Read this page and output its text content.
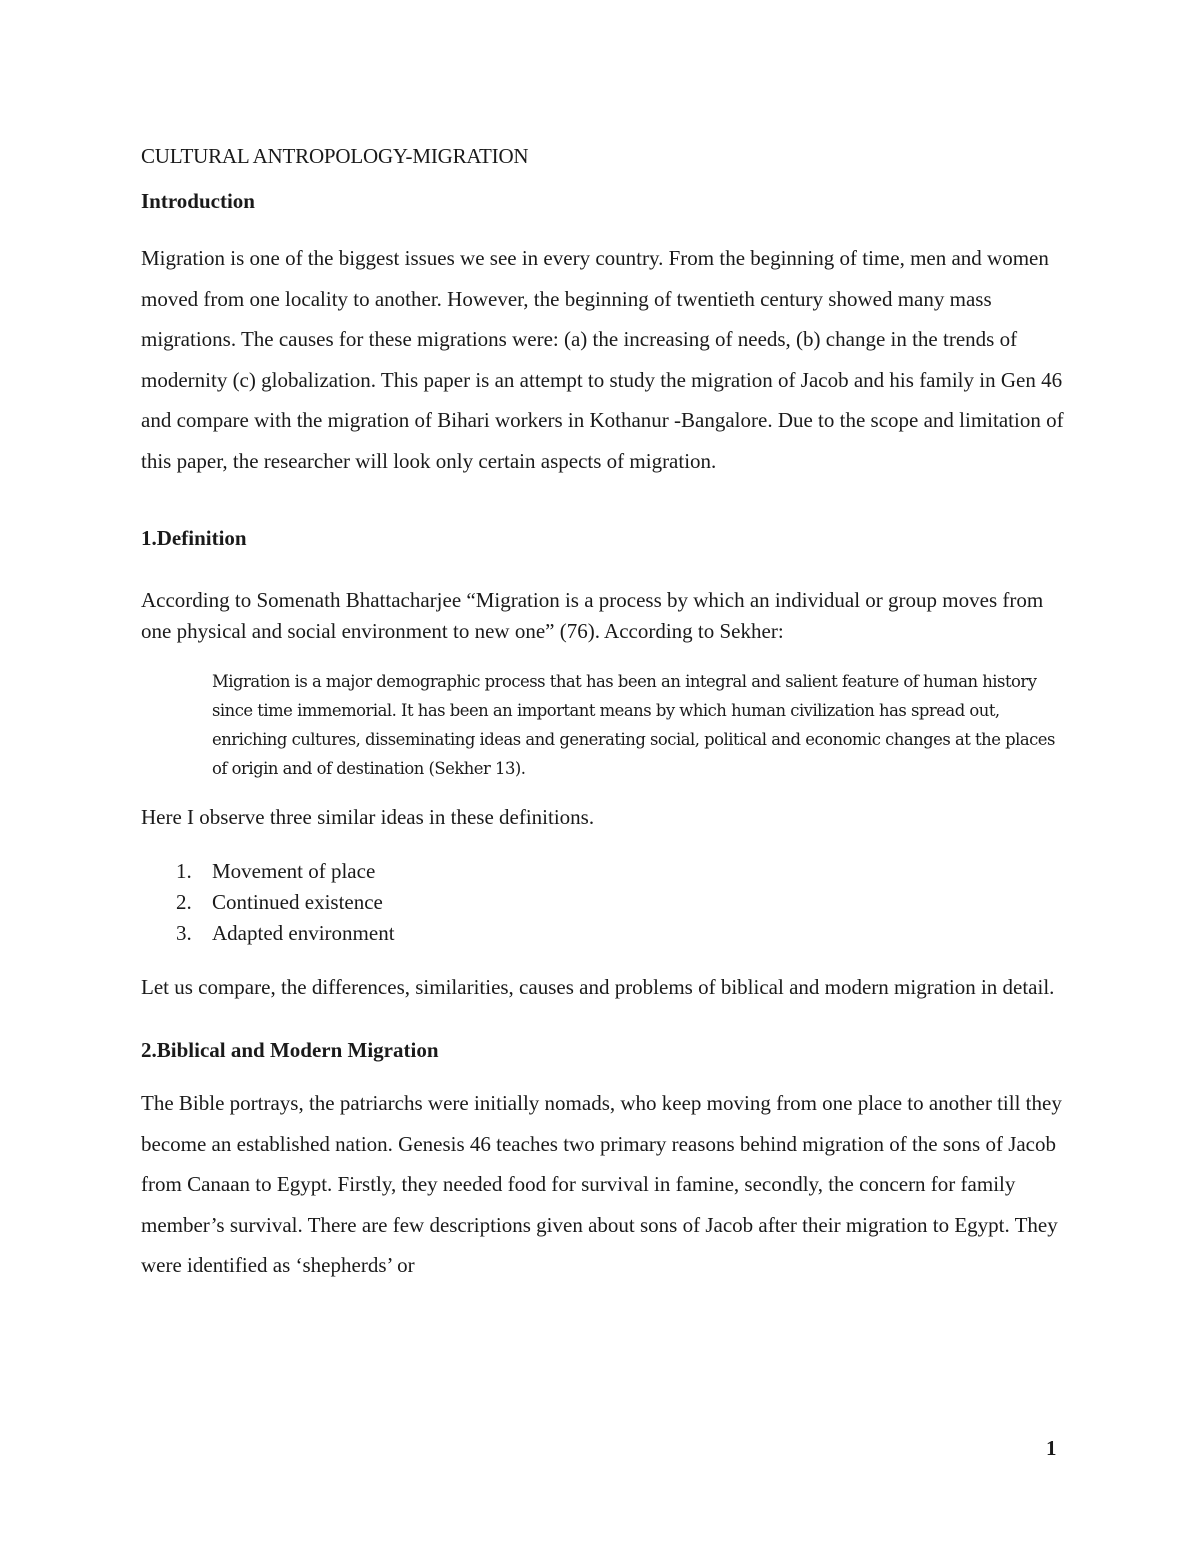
CULTURAL ANTROPOLOGY-MIGRATION
Introduction

Migration is one of the biggest issues we see in every country. From the beginning of time, men and women moved from one locality to another. However, the beginning of twentieth century showed many mass migrations. The causes for these migrations were: (a) the increasing of needs, (b) change in the trends of modernity (c) globalization. This paper is an attempt to study the migration of Jacob and his family in Gen 46 and compare with the migration of Bihari workers in Kothanur -Bangalore. Due to the scope and limitation of this paper, the researcher will look only certain aspects of migration.

1.Definition

According to Somenath Bhattacharjee “Migration is a process by which an individual or group moves from one physical and social environment to new one” (76). According to Sekher:

Migration is a major demographic process that has been an integral and salient feature of human history since time immemorial. It has been an important means by which human civilization has spread out, enriching cultures, disseminating ideas and generating social, political and economic changes at the places of origin and of destination (Sekher 13).

Here I observe three similar ideas in these definitions.

1. Movement of place
2. Continued existence
3. Adapted environment

Let us compare, the differences, similarities, causes and problems of biblical and modern migration in detail.

2.Biblical and Modern Migration

The Bible portrays, the patriarchs were initially nomads, who keep moving from one place to another till they become an established nation. Genesis 46 teaches two primary reasons behind migration of the sons of Jacob from Canaan to Egypt. Firstly, they needed food for survival in famine, secondly, the concern for family member’s survival. There are few descriptions given about sons of Jacob after their migration to Egypt. They were identified as ‘shepherds’ or

1
